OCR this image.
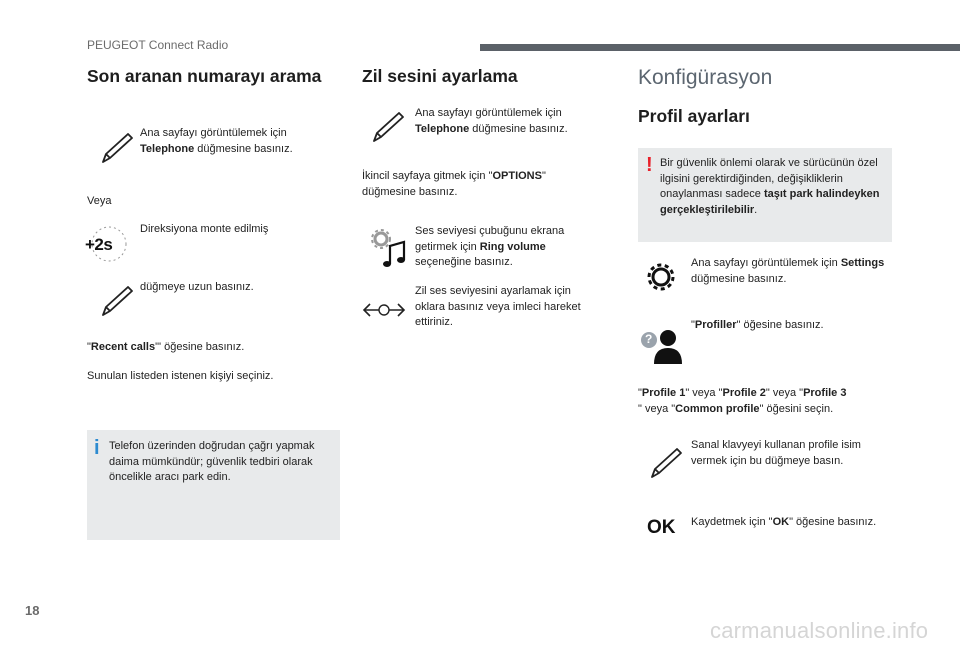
PEUGEOT Connect Radio
Son aranan numarayı arama
Ana sayfayı görüntülemek için Telephone düğmesine basınız.
Veya
+2s
Direksiyona monte edilmiş
düğmeye uzun basınız.
"Recent calls"' öğesine basınız.
Sunulan listeden istenen kişiyi seçiniz.
i Telefon üzerinden doğrudan çağrı yapmak daima mümkündür; güvenlik tedbiri olarak öncelikle aracı park edin.
Zil sesini ayarlama
Ana sayfayı görüntülemek için Telephone düğmesine basınız.
İkincil sayfaya gitmek için "OPTIONS" düğmesine basınız.
Ses seviyesi çubuğunu ekrana getirmek için Ring volume seçeneğine basınız.
Zil ses seviyesini ayarlamak için oklara basınız veya imleci hareket ettiriniz.
Konfigürasyon
Profil ayarları
! Bir güvenlik önlemi olarak ve sürücünün özel ilgisini gerektirdiğinden, değişikliklerin onaylanması sadece taşıt park halindeyken gerçekleştirilebilir.
Ana sayfayı görüntülemek için Settings düğmesine basınız.
?
"Profiller" öğesine basınız.
"Profile 1" veya "Profile 2" veya "Profile 3
" veya "Common profile" öğesini seçin.
Sanal klavyeyi kullanan profile isim vermek için bu düğmeye basın.
OK Kaydetmek için "OK" öğesine basınız.
18
carmanualsonline.info
